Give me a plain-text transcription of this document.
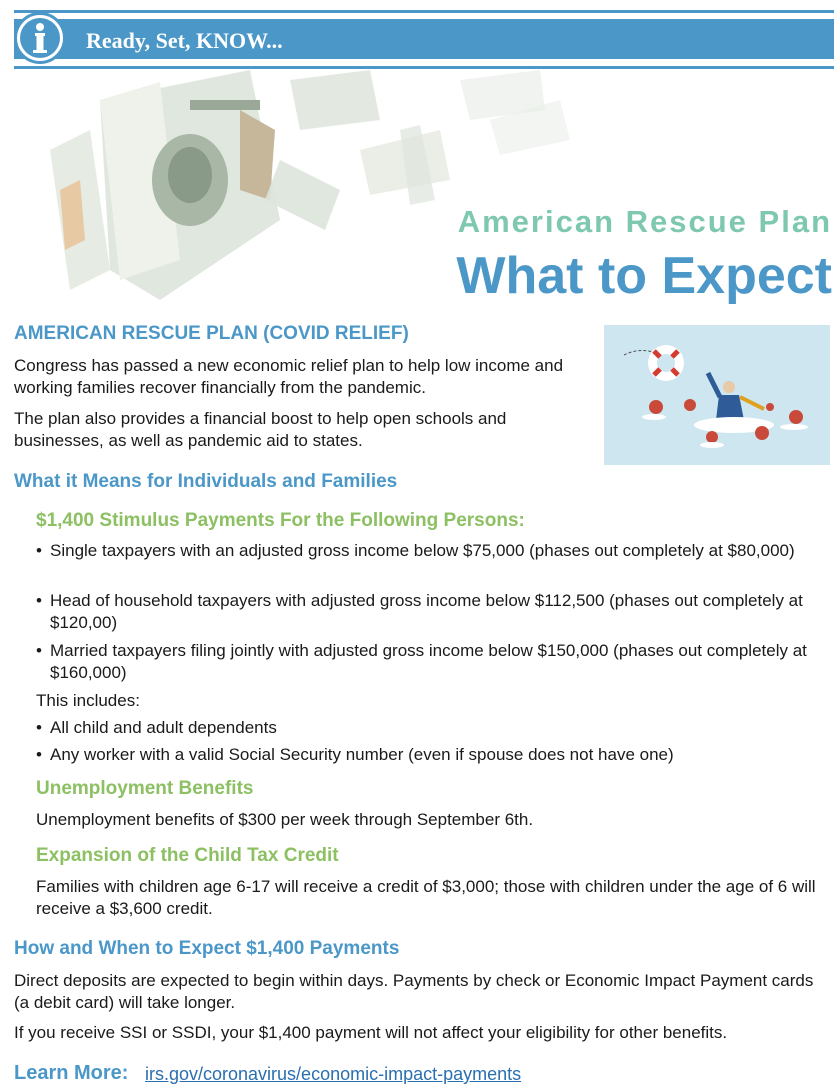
Ready, Set, KNOW...
American Rescue Plan
What to Expect
AMERICAN RESCUE PLAN (COVID RELIEF)
Congress has passed a new economic relief plan to help low income and working families recover financially from the pandemic.
The plan also provides a financial boost to help open schools and businesses, as well as pandemic aid to states.
What it Means for Individuals and Families
$1,400 Stimulus Payments For the Following Persons:
• Single taxpayers with an adjusted gross income below $75,000 (phases out completely at $80,000)
• Head of household taxpayers with adjusted gross income below $112,500 (phases out completely at $120,00)
• Married taxpayers filing jointly with adjusted gross income below $150,000 (phases out completely at $160,000)
This includes:
• All child and adult dependents
• Any worker with a valid Social Security number (even if spouse does not have one)
Unemployment Benefits
Unemployment benefits of $300 per week through September 6th.
Expansion of the Child Tax Credit
Families with children age 6-17 will receive a credit of $3,000; those with children under the age of 6 will receive a $3,600 credit.
How and When to Expect $1,400 Payments
Direct deposits are expected to begin within days. Payments by check or Economic Impact Payment cards (a debit card) will take longer.
If you receive SSI or SSDI, your $1,400 payment will not affect your eligibility for other benefits.
Learn More: irs.gov/coronavirus/economic-impact-payments
